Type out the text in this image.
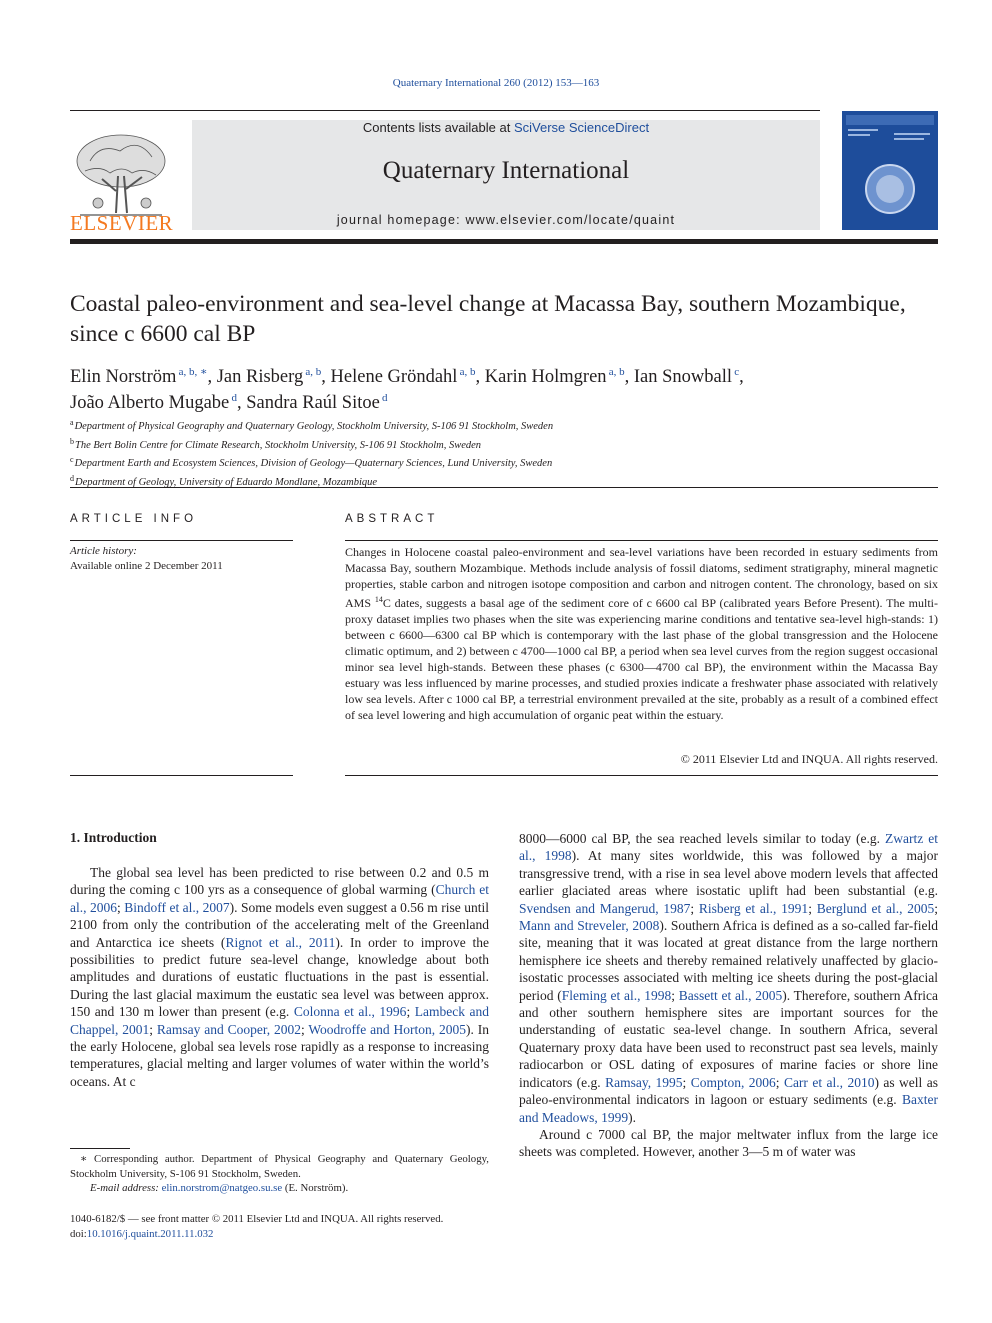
Quaternary International 260 (2012) 153—163
ELSEVIER
Contents lists available at SciVerse ScienceDirect
Quaternary International
journal homepage: www.elsevier.com/locate/quaint
Coastal paleo-environment and sea-level change at Macassa Bay, southern Mozambique, since c 6600 cal BP
Elin Norström $^{a, b, ∗}$, Jan Risberg $^{a, b}$, Helene Gröndahl $^{a, b}$, Karin Holmgren $^{a, b}$, Ian Snowball $^c$,
João Alberto Mugabe $^d$, Sandra Raúl Sitoe $^d$
$^a$Department of Physical Geography and Quaternary Geology, Stockholm University, S-106 91 Stockholm, Sweden
$^b$The Bert Bolin Centre for Climate Research, Stockholm University, S-106 91 Stockholm, Sweden
$^c$Department Earth and Ecosystem Sciences, Division of Geology—Quaternary Sciences, Lund University, Sweden
$^d$Department of Geology, University of Eduardo Mondlane, Mozambique
ARTICLE INFO
Article history:
Available online 2 December 2011
ABSTRACT
Changes in Holocene coastal paleo-environment and sea-level variations have been recorded in estuary sediments from Macassa Bay, southern Mozambique. Methods include analysis of fossil diatoms, sediment stratigraphy, mineral magnetic properties, stable carbon and nitrogen isotope composition and carbon and nitrogen content. The chronology, based on six AMS $^{14}$C dates, suggests a basal age of the sediment core of c 6600 cal BP (calibrated years Before Present). The multi-proxy dataset implies two phases when the site was experiencing marine conditions and tentative sea-level high-stands: 1) between c 6600—6300 cal BP which is contemporary with the last phase of the global transgression and the Holocene climatic optimum, and 2) between c 4700—1000 cal BP, a period when sea level curves from the region suggest occasional minor sea level high-stands. Between these phases (c 6300—4700 cal BP), the environment within the Macassa Bay estuary was less influenced by marine processes, and studied proxies indicate a freshwater phase associated with relatively low sea levels. After c 1000 cal BP, a terrestrial environment prevailed at the site, probably as a result of a combined effect of sea level lowering and high accumulation of organic peat within the estuary.
© 2011 Elsevier Ltd and INQUA. All rights reserved.
1. Introduction

The global sea level has been predicted to rise between 0.2 and 0.5 m during the coming c 100 yrs as a consequence of global warming (Church et al., 2006; Bindoff et al., 2007). Some models even suggest a 0.56 m rise until 2100 from only the contribution of the accelerating melt of the Greenland and Antarctica ice sheets (Rignot et al., 2011). In order to improve the possibilities to predict future sea-level change, knowledge about both amplitudes and durations of eustatic fluctuations in the past is essential. During the last glacial maximum the eustatic sea level was between approx. 150 and 130 m lower than present (e.g. Colonna et al., 1996; Lambeck and Chappel, 2001; Ramsay and Cooper, 2002; Woodroffe and Horton, 2005). In the early Holocene, global sea levels rose rapidly as a response to increasing temperatures, glacial melting and larger volumes of water within the world’s oceans. At c

8000—6000 cal BP, the sea reached levels similar to today (e.g. Zwartz et al., 1998). At many sites worldwide, this was followed by a major transgressive trend, with a rise in sea level above modern levels that affected earlier glaciated areas where isostatic uplift had been substantial (e.g. Svendsen and Mangerud, 1987; Risberg et al., 1991; Berglund et al., 2005; Mann and Streveler, 2008). Southern Africa is defined as a so-called far-field site, meaning that it was located at great distance from the large northern hemisphere ice sheets and thereby remained relatively unaffected by glacio-isostatic processes associated with melting ice sheets during the post-glacial period (Fleming et al., 1998; Bassett et al., 2005). Therefore, southern Africa and other southern hemisphere sites are important sources for the understanding of eustatic sea-level change. In southern Africa, several Quaternary proxy data have been used to reconstruct past sea levels, mainly radiocarbon or OSL dating of exposures of marine facies or shore line indicators (e.g. Ramsay, 1995; Compton, 2006; Carr et al., 2010) as well as paleo-environmental indicators in lagoon or estuary sediments (e.g. Baxter and Meadows, 1999).

Around c 7000 cal BP, the major meltwater influx from the large ice sheets was completed. However, another 3—5 m of water was

∗ Corresponding author. Department of Physical Geography and Quaternary Geology, Stockholm University, S-106 91 Stockholm, Sweden.
E-mail address: elin.norstrom@natgeo.su.se (E. Norström).
1040-6182/$ — see front matter © 2011 Elsevier Ltd and INQUA. All rights reserved.
doi:10.1016/j.quaint.2011.11.032
